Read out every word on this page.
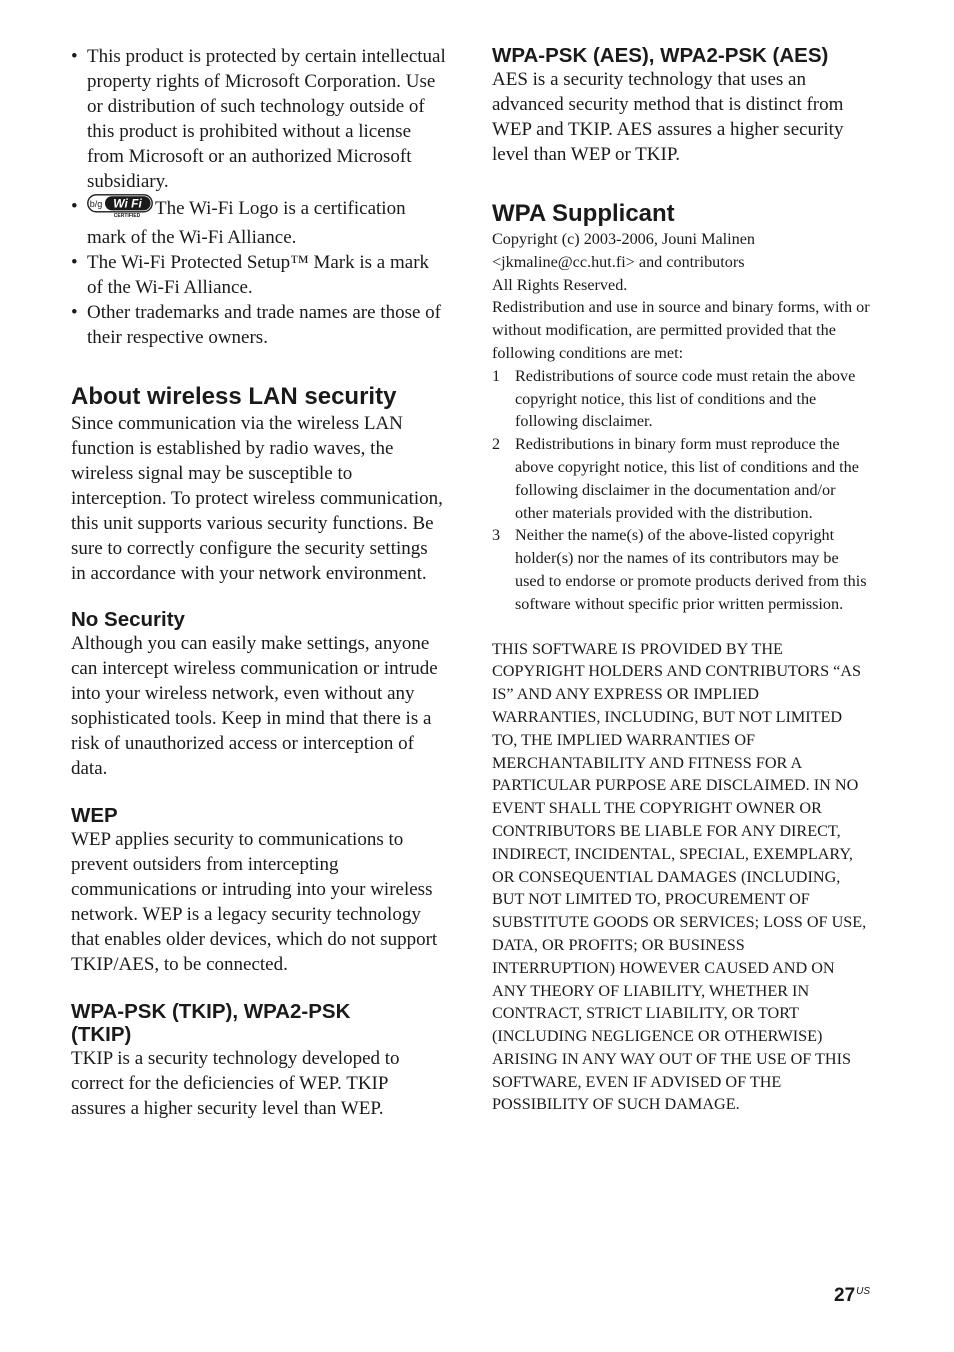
• This product is protected by certain intellectual property rights of Microsoft Corporation. Use or distribution of such technology outside of this product is prohibited without a license from Microsoft or an authorized Microsoft subsidiary.
• b/g Wi Fi
CERTIFIED The Wi-Fi Logo is a certification mark of the Wi-Fi Alliance.
• The Wi-Fi Protected Setup™ Mark is a mark of the Wi-Fi Alliance.
• Other trademarks and trade names are those of their respective owners.
About wireless LAN security

Since communication via the wireless LAN function is established by radio waves, the wireless signal may be susceptible to interception. To protect wireless communication, this unit supports various security functions. Be sure to correctly configure the security settings in accordance with your network environment.

No Security

Although you can easily make settings, anyone can intercept wireless communication or intrude into your wireless network, even without any sophisticated tools. Keep in mind that there is a risk of unauthorized access or interception of data.

WEP

WEP applies security to communications to prevent outsiders from intercepting communications or intruding into your wireless network. WEP is a legacy security technology that enables older devices, which do not support TKIP/AES, to be connected.

WPA-PSK (TKIP), WPA2-PSK
(TKIP)

TKIP is a security technology developed to correct for the deficiencies of WEP. TKIP assures a higher security level than WEP.

WPA-PSK (AES), WPA2-PSK (AES)

AES is a security technology that uses an advanced security method that is distinct from WEP and TKIP. AES assures a higher security level than WEP or TKIP.

WPA Supplicant

Copyright (c) 2003-2006, Jouni Malinen
<jkmaline@cc.hut.fi> and contributors
All Rights Reserved.

Redistribution and use in source and binary forms, with or without modification, are permitted provided that the following conditions are met:

1 Redistributions of source code must retain the above copyright notice, this list of conditions and the following disclaimer.
2 Redistributions in binary form must reproduce the above copyright notice, this list of conditions and the following disclaimer in the documentation and/or other materials provided with the distribution.
3 Neither the name(s) of the above-listed copyright holder(s) nor the names of its contributors may be used to endorse or promote products derived from this software without specific prior written permission.

THIS SOFTWARE IS PROVIDED BY THE COPYRIGHT HOLDERS AND CONTRIBUTORS “AS IS” AND ANY EXPRESS OR IMPLIED WARRANTIES, INCLUDING, BUT NOT LIMITED TO, THE IMPLIED WARRANTIES OF MERCHANTABILITY AND FITNESS FOR A PARTICULAR PURPOSE ARE DISCLAIMED. IN NO EVENT SHALL THE COPYRIGHT OWNER OR CONTRIBUTORS BE LIABLE FOR ANY DIRECT, INDIRECT, INCIDENTAL, SPECIAL, EXEMPLARY, OR CONSEQUENTIAL DAMAGES (INCLUDING, BUT NOT LIMITED TO, PROCUREMENT OF SUBSTITUTE GOODS OR SERVICES; LOSS OF USE, DATA, OR PROFITS; OR BUSINESS INTERRUPTION) HOWEVER CAUSED AND ON ANY THEORY OF LIABILITY, WHETHER IN CONTRACT, STRICT LIABILITY, OR TORT (INCLUDING NEGLIGENCE OR OTHERWISE) ARISING IN ANY WAY OUT OF THE USE OF THIS SOFTWARE, EVEN IF ADVISED OF THE POSSIBILITY OF SUCH DAMAGE.

$27^{US}$
